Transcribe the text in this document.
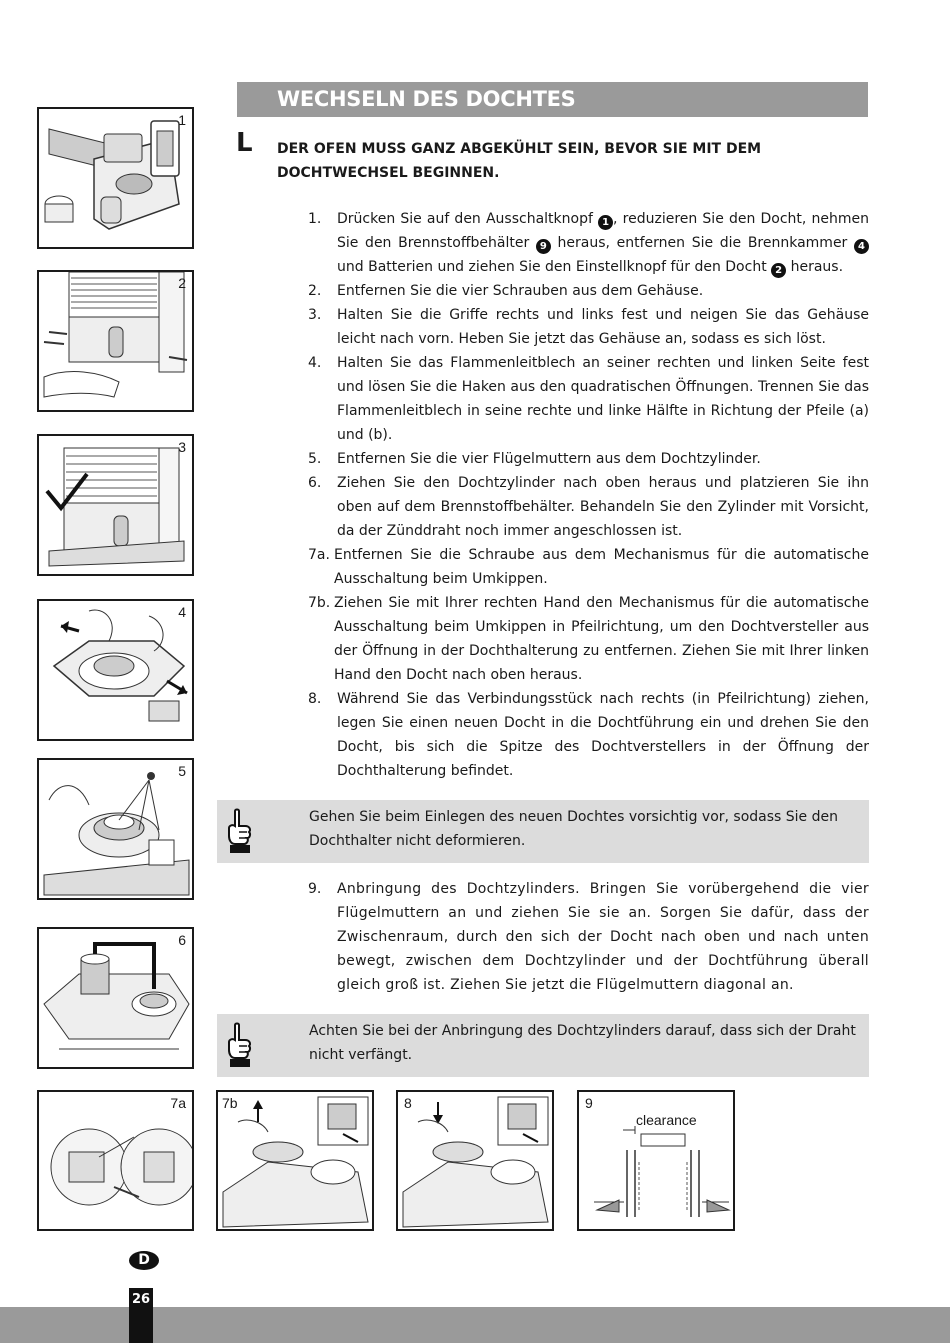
WECHSELN DES DOCHTES
L DER OFEN MUSS GANZ ABGEKÜHLT SEIN, BEVOR SIE MIT DEM DOCHTWECHSEL BEGINNEN.
1.	Drücken Sie auf den Ausschaltknopf 1 , reduzieren Sie den Docht, nehmen Sie den Brennstoffbehälter 9 heraus, entfernen Sie die Brennkammer 4 und Batterien und ziehen Sie den Einstellknopf für den Docht 2 heraus.
2.	Entfernen Sie die vier Schrauben aus dem Gehäuse.
3.	Halten Sie die Griffe rechts und links fest und neigen Sie das Gehäuse leicht nach vorn. Heben Sie jetzt das Gehäuse an, sodass es sich löst.
4.	Halten Sie das Flammenleitblech an seiner rechten und linken Seite fest und lösen Sie die Haken aus den quadratischen Öffnungen. Trennen Sie das Flammenleitblech in seine rechte und linke Hälfte in Richtung der Pfeile (a) und (b).
5.	Entfernen Sie die vier Flügelmuttern aus dem Dochtzylinder.
6.	Ziehen Sie den Dochtzylinder nach oben heraus und platzieren Sie ihn oben auf dem Brennstoffbehälter. Behandeln Sie den Zylinder mit Vorsicht, da der Zünddraht noch immer angeschlossen ist.
7a. Entfernen Sie die Schraube aus dem Mechanismus für die automatische Ausschaltung beim Umkippen.
7b. Ziehen Sie mit Ihrer rechten Hand den Mechanismus für die automatische Ausschaltung beim Umkippen in Pfeilrichtung, um den Dochtversteller aus der Öffnung in der Dochthalterung zu entfernen. Ziehen Sie mit Ihrer linken Hand den Docht nach oben heraus.
8.	Während Sie das Verbindungsstück nach rechts (in Pfeilrichtung) ziehen, legen Sie einen neuen Docht in die Dochtführung ein und drehen Sie den Docht, bis sich die Spitze des Dochtverstellers in der Öffnung der Dochthalterung befindet.
Gehen Sie beim Einlegen des neuen Dochtes vorsichtig vor, sodass Sie den Dochthalter nicht deformieren.
9.	Anbringung des Dochtzylinders. Bringen Sie vorübergehend die vier Flügelmuttern an und ziehen Sie sie an. Sorgen Sie dafür, dass der Zwischenraum, durch den sich der Docht nach oben und nach unten bewegt, zwischen dem Dochtzylinder und der Dochtführung überall gleich groß ist. Ziehen Sie jetzt die Flügelmuttern diagonal an.
Achten Sie bei der Anbringung des Dochtzylinders darauf, dass sich der Draht nicht verfängt.
1
2
3
4
5
6
7a	7b	8	9
clearance
D
26
